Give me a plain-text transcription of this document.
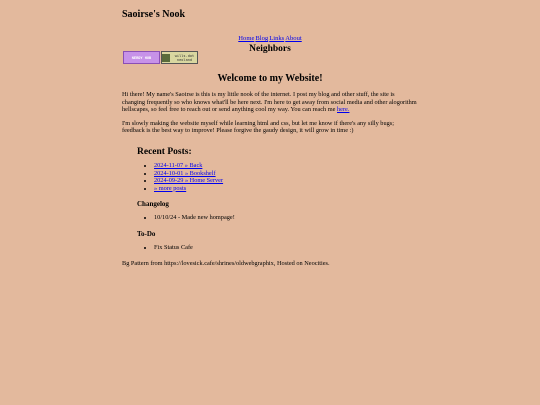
Saoirse's Nook
HomeBlogLinksAbout
NERDY HUB	wills.dot neoland
Neighbors
Welcome to my Website!

Hi there! My name's Saoirse is this is my little nook of the internet. I post my blog and other stuff, the site is changing frequently so who knows what'll be here next. I'm here to get away from social media and other alogorithm hellscapes, so feel free to reach out or send anything cool my way. You can reach me here.

I'm slowly making the website myself while learning html and css, but let me know if there's any silly bugs; feedback is the best way to improve! Please forgive the gaudy design, it will grow in time :)

Recent Posts:
• 2024-11-07 » Back
• 2024-10-01 » Bookshelf
• 2024-09-29 » Home Server
• » more posts
Changelog
• 10/10/24 - Made new hompage!
To-Do
• Fix Status Cafe

Bg Pattern from https://lovesick.cafe/shrines/oldwebgraphix, Hosted on Neocities.
